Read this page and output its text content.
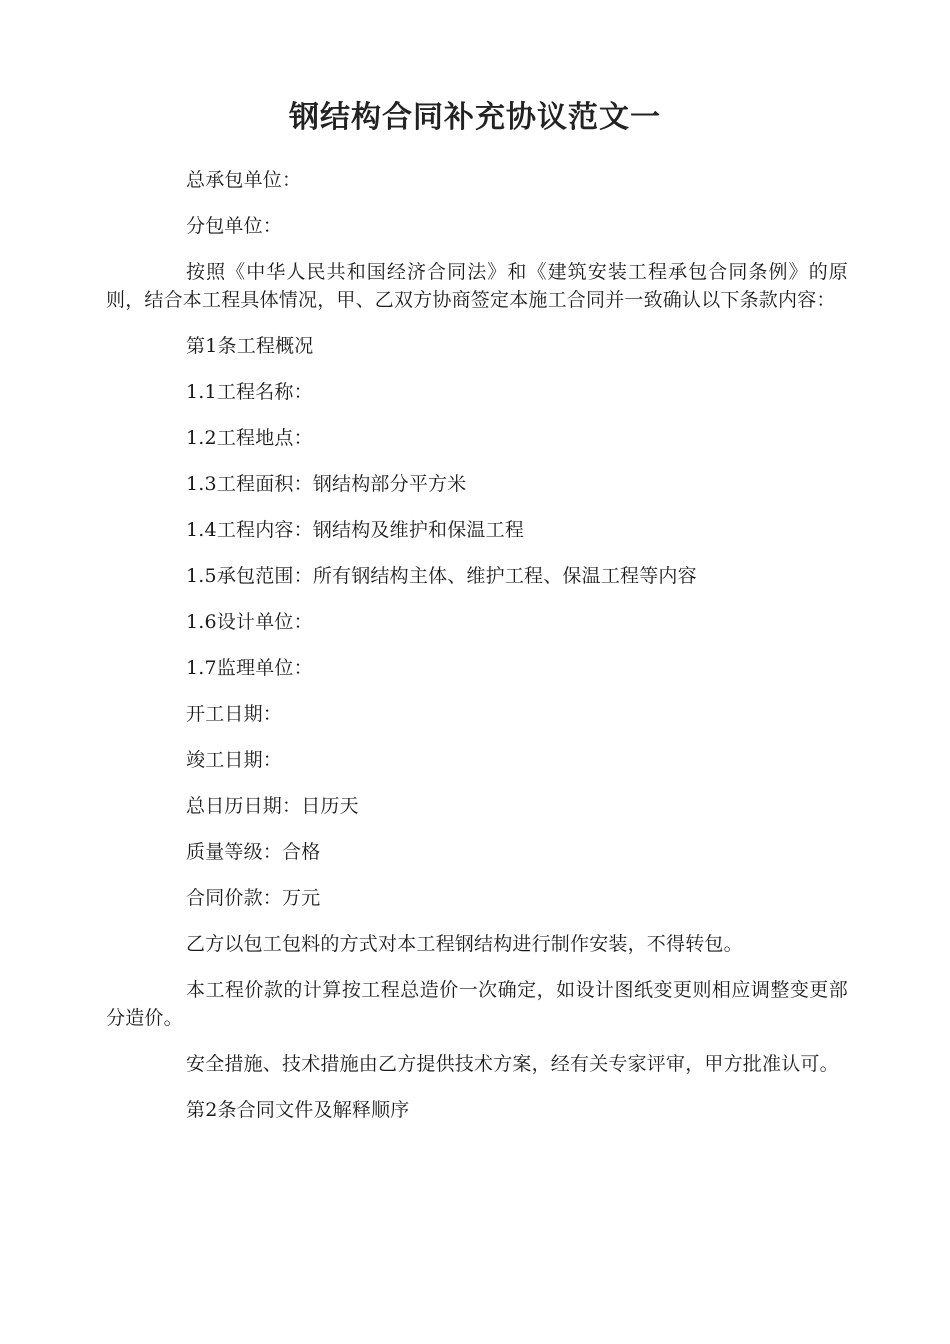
钢结构合同补充协议范文一

总承包单位：

分包单位：

按照《中华人民共和国经济合同法》和《建筑安装工程承包合同条例》的原则，结合本工程具体情况，甲、乙双方协商签定本施工合同并一致确认以下条款内容：

第1条工程概况

1.1工程名称：

1.2工程地点：

1.3工程面积：钢结构部分平方米

1.4工程内容：钢结构及维护和保温工程

1.5承包范围：所有钢结构主体、维护工程、保温工程等内容

1.6设计单位：

1.7监理单位：

开工日期：

竣工日期：

总日历日期：日历天

质量等级：合格

合同价款：万元

乙方以包工包料的方式对本工程钢结构进行制作安装，不得转包。

本工程价款的计算按工程总造价一次确定，如设计图纸变更则相应调整变更部分造价。

安全措施、技术措施由乙方提供技术方案，经有关专家评审，甲方批准认可。

第2条合同文件及解释顺序
